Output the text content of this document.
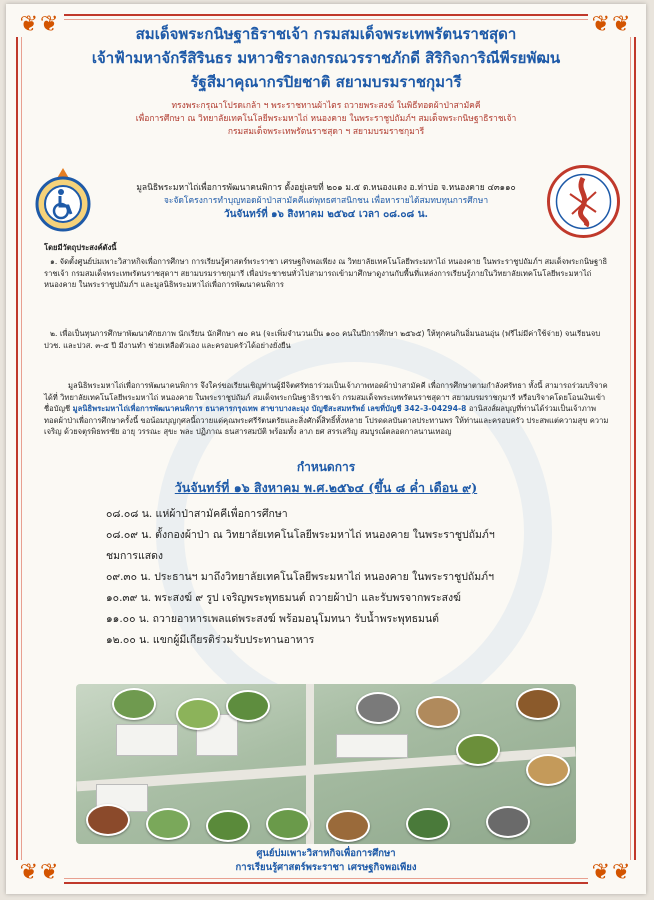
❦❦	❦❦
❦❦	❦❦

สมเด็จพระกนิษฐาธิราชเจ้า กรมสมเด็จพระเทพรัตนราชสุดา

เจ้าฟ้ามหาจักรีสิรินธร มหาวชิราลงกรณวรราชภักดี สิริกิจการิณีพีรยพัฒน

รัฐสีมาคุณากรปิยชาติ สยามบรมราชกุมารี

ทรงพระกรุณาโปรดเกล้า ฯ พระราชทานผ้าไตร ถวายพระสงฆ์ ในพิธีทอดผ้าป่าสามัคคี

เพื่อการศึกษา ณ วิทยาลัยเทคโนโลยีพระมหาไถ่ หนองคาย ในพระราชูปถัมภ์ฯ สมเด็จพระกนิษฐาธิราชเจ้า

กรมสมเด็จพระเทพรัตนราชสุดา ฯ สยามบรมราชกุมารี

มูลนิธิพระมหาไถ่เพื่อการพัฒนาคนพิการ ตั้งอยู่เลขที่ ๒๐๑ ม.๕ ต.หนองแดง อ.ท่าบ่อ จ.หนองคาย ๔๓๑๑๐
จะจัดโครงการทำบุญทอดผ้าป่าสามัคคีแด่พุทธศาสนิกชน เพื่อหารายได้สมทบทุนการศึกษา
วันจันทร์ที่ ๑๖ สิงหาคม ๒๕๖๔ เวลา ๐๘.๐๘ น.
โดยมีวัตถุประสงค์ดังนี้
๑. จัดตั้งศูนย์บ่มเพาะวิสาหกิจเพื่อการศึกษา การเรียนรู้ศาสตร์พระราชา เศรษฐกิจพอเพียง ณ วิทยาลัยเทคโนโลยีพระมหาไถ่ หนองคาย ในพระราชูปถัมภ์ฯ สมเด็จพระกนิษฐาธิราชเจ้า กรมสมเด็จพระเทพรัตนราชสุดาฯ สยามบรมราชกุมารี เพื่อประชาชนทั่วไปสามารถเข้ามาศึกษาดูงานกับพื้นที่แหล่งการเรียนรู้ภายในวิทยาลัยเทคโนโลยีพระมหาไถ่ หนองคาย ในพระราชูปถัมภ์ฯ และมูลนิธิพระมหาไถ่เพื่อการพัฒนาคนพิการ
๒. เพื่อเป็นทุนการศึกษาพัฒนาศักยภาพ นักเรียน นักศึกษา ๗๐ คน (จะเพิ่มจำนวนเป็น ๑๐๐ คนในปีการศึกษา ๒๕๖๕) ให้ทุกคนกินอิ่มนอนอุ่น (ฟรีไม่มีค่าใช้จ่าย) จนเรียนจบ ปวช. และปวส. ๓-๕ ปี มีงานทำ ช่วยเหลือตัวเอง และครอบครัวได้อย่างยั่งยืน
มูลนิธิพระมหาไถ่เพื่อการพัฒนาคนพิการ จึงใคร่ขอเรียนเชิญท่านผู้มีจิตศรัทธาร่วมเป็นเจ้าภาพทอดผ้าป่าสามัคคี เพื่อการศึกษาตามกำลังศรัทธา ทั้งนี้ สามารถร่วมบริจาคได้ที่ วิทยาลัยเทคโนโลยีพระมหาไถ่ หนองคาย ในพระราชูปถัมภ์ สมเด็จพระกนิษฐาธิราชเจ้า กรมสมเด็จพระเทพรัตนราชสุดาฯ สยามบรมราชกุมารี หรือบริจาคโดยโอนเงินเข้าชื่อบัญชี มูลนิธิพระมหาไถ่เพื่อการพัฒนาคนพิการ ธนาคารกรุงเทพ สาขาบางละมุง บัญชีสะสมทรัพย์ เลขที่บัญชี 342-3-04294-8 อานิสงส์ผลบุญที่ท่านได้ร่วมเป็นเจ้าภาพทอดผ้าป่าเพื่อการศึกษาครั้งนี้ ขอน้อมบุญกุศลนี้ถวายแด่คุณพระศรีรัตนตรัยและสิ่งศักดิ์สิทธิ์ทั้งหลาย โปรดดลบันดาลประทานพร ให้ท่านและครอบครัว ประสพแต่ความสุข ความเจริญ ด้วยจตุรพิธพรชัย อายุ วรรณะ สุขะ พละ ปฏิภาณ ธนสารสมบัติ พร้อมทั้ง ลาภ ยศ สรรเสริญ สมบูรณ์ตลอดกาลนานเทอญ
กำหนดการ
วันจันทร์ที่ ๑๖ สิงหาคม พ.ศ.๒๕๖๔ (ขึ้น ๘ ค่ำ เดือน ๙)
๐๘.๐๘ น. แห่ผ้าป่าสามัคคีเพื่อการศึกษา
๐๘.๐๙ น. ตั้งกองผ้าป่า ณ วิทยาลัยเทคโนโลยีพระมหาไถ่ หนองคาย ในพระราชูปถัมภ์ฯ
ชมการแสดง
๐๙.๓๐ น. ประธานฯ มาถึงวิทยาลัยเทคโนโลยีพระมหาไถ่ หนองคาย ในพระราชูปถัมภ์ฯ
๑๐.๓๙ น. พระสงฆ์ ๙ รูป เจริญพระพุทธมนต์ ถวายผ้าป่า และรับพรจากพระสงฆ์
๑๑.๐๐ น. ถวายอาหารเพลแด่พระสงฆ์ พร้อมอนุโมทนา รับน้ำพระพุทธมนต์
๑๒.๐๐ น. แขกผู้มีเกียรติร่วมรับประทานอาหาร
ศูนย์บ่มเพาะวิสาหกิจเพื่อการศึกษา
การเรียนรู้ศาสตร์พระราชา เศรษฐกิจพอเพียง
